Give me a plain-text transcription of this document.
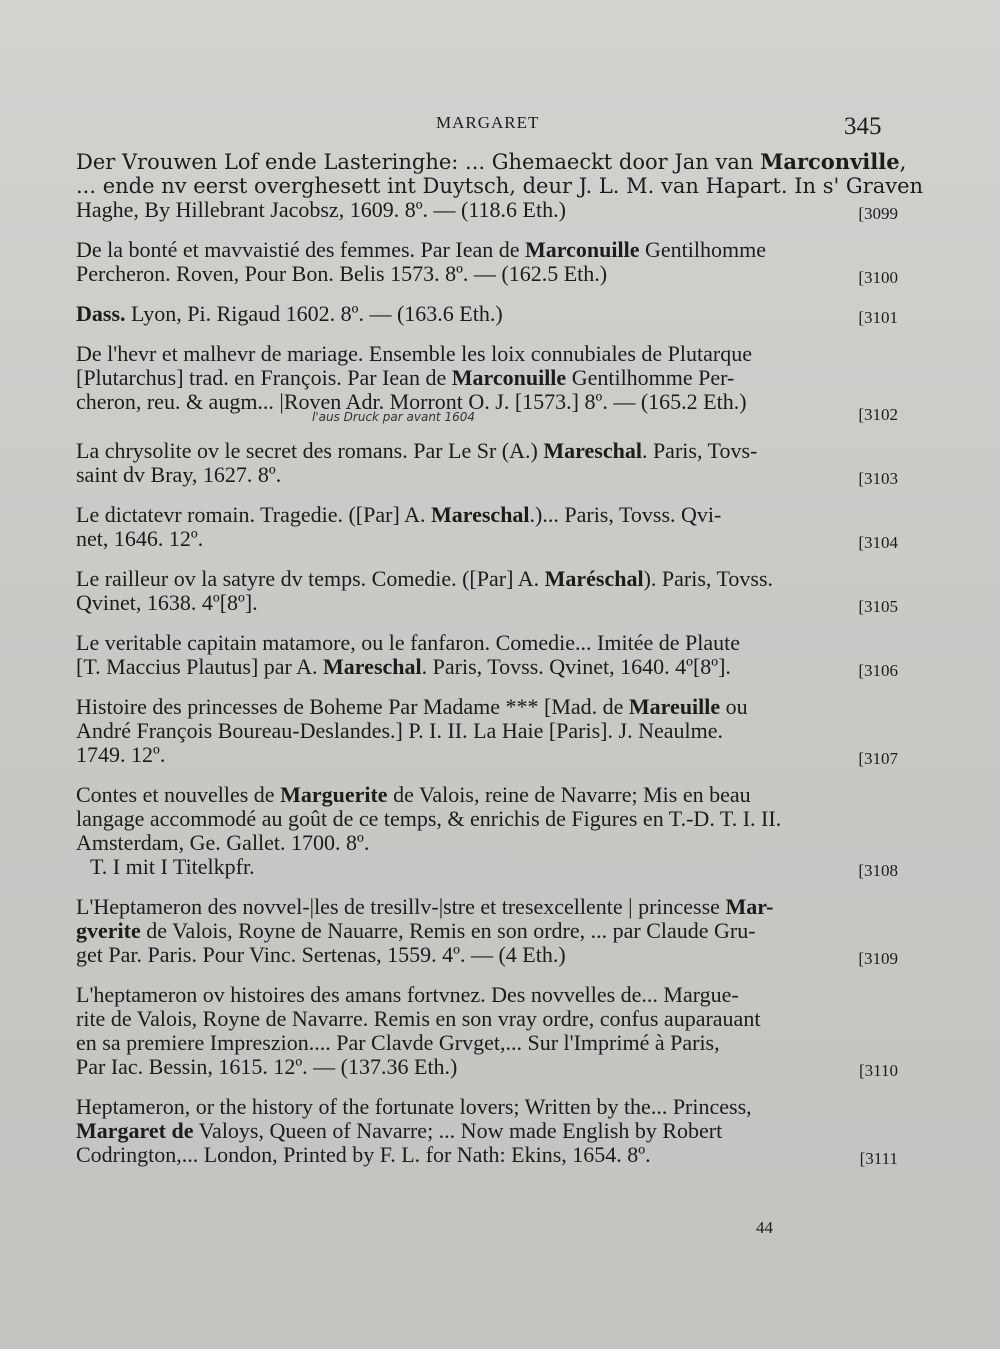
MARGARET	345
Der Vrouwen Lof ende Lasteringhe: ... Ghemaeckt door Jan van Marconville,
... ende nv eerst overghesett int Duytsch, deur J. L. M. van Hapart. In s' Graven
Haghe, By Hillebrant Jacobsz, 1609. 8º. — (118.6 Eth.)	[3099
De la bonté et mavvaistié des femmes. Par Iean de Marconuille Gentilhomme
Percheron. Roven, Pour Bon. Belis 1573. 8º. — (162.5 Eth.)	[3100
Dass. Lyon, Pi. Rigaud 1602. 8º. — (163.6 Eth.)	[3101
De l'hevr et malhevr de mariage. Ensemble les loix connubiales de Plutarque
[Plutarchus] trad. en François. Par Iean de Marconuille Gentilhomme Per-
cheron, reu. & augm... |Roven Adr. Morront O. J. [1573.] 8º. — (165.2 Eth.)
l'aus Druck par avant 1604	[3102
La chrysolite ov le secret des romans. Par Le Sr (A.) Mareschal. Paris, Tovs-
saint dv Bray, 1627. 8º.	[3103
Le dictatevr romain. Tragedie. ([Par] A. Mareschal.)... Paris, Tovss. Qvi-
net, 1646. 12º.	[3104
Le railleur ov la satyre dv temps. Comedie. ([Par] A. Maréschal). Paris, Tovss.
Qvinet, 1638. 4º[8º].	[3105
Le veritable capitain matamore, ou le fanfaron. Comedie... Imitée de Plaute
[T. Maccius Plautus] par A. Mareschal. Paris, Tovss. Qvinet, 1640. 4º[8º].	[3106
Histoire des princesses de Boheme Par Madame *** [Mad. de Mareuille ou
André François Boureau-Deslandes.] P. I. II. La Haie [Paris]. J. Neaulme.
1749. 12º.	[3107
Contes et nouvelles de Marguerite de Valois, reine de Navarre; Mis en beau
langage accommodé au goût de ce temps, & enrichis de Figures en T.-D. T. I. II.
Amsterdam, Ge. Gallet. 1700. 8º.
T. I mit I Titelkpfr.	[3108
L'Heptameron des novvel-|les de tresillv-|stre et tresexcellente | princesse Mar-
gverite de Valois, Royne de Nauarre, Remis en son ordre, ... par Claude Gru-
get Par. Paris. Pour Vinc. Sertenas, 1559. 4º. — (4 Eth.)	[3109
L'heptameron ov histoires des amans fortvnez. Des novvelles de... Margue-
rite de Valois, Royne de Navarre. Remis en son vray ordre, confus auparauant
en sa premiere Impreszion.... Par Clavde Grvget,... Sur l'Imprimé à Paris,
Par Iac. Bessin, 1615. 12º. — (137.36 Eth.)	[3110
Heptameron, or the history of the fortunate lovers; Written by the... Princess,
Margaret de Valoys, Queen of Navarre; ... Now made English by Robert
Codrington,... London, Printed by F. L. for Nath: Ekins, 1654. 8º.	[3111
44
